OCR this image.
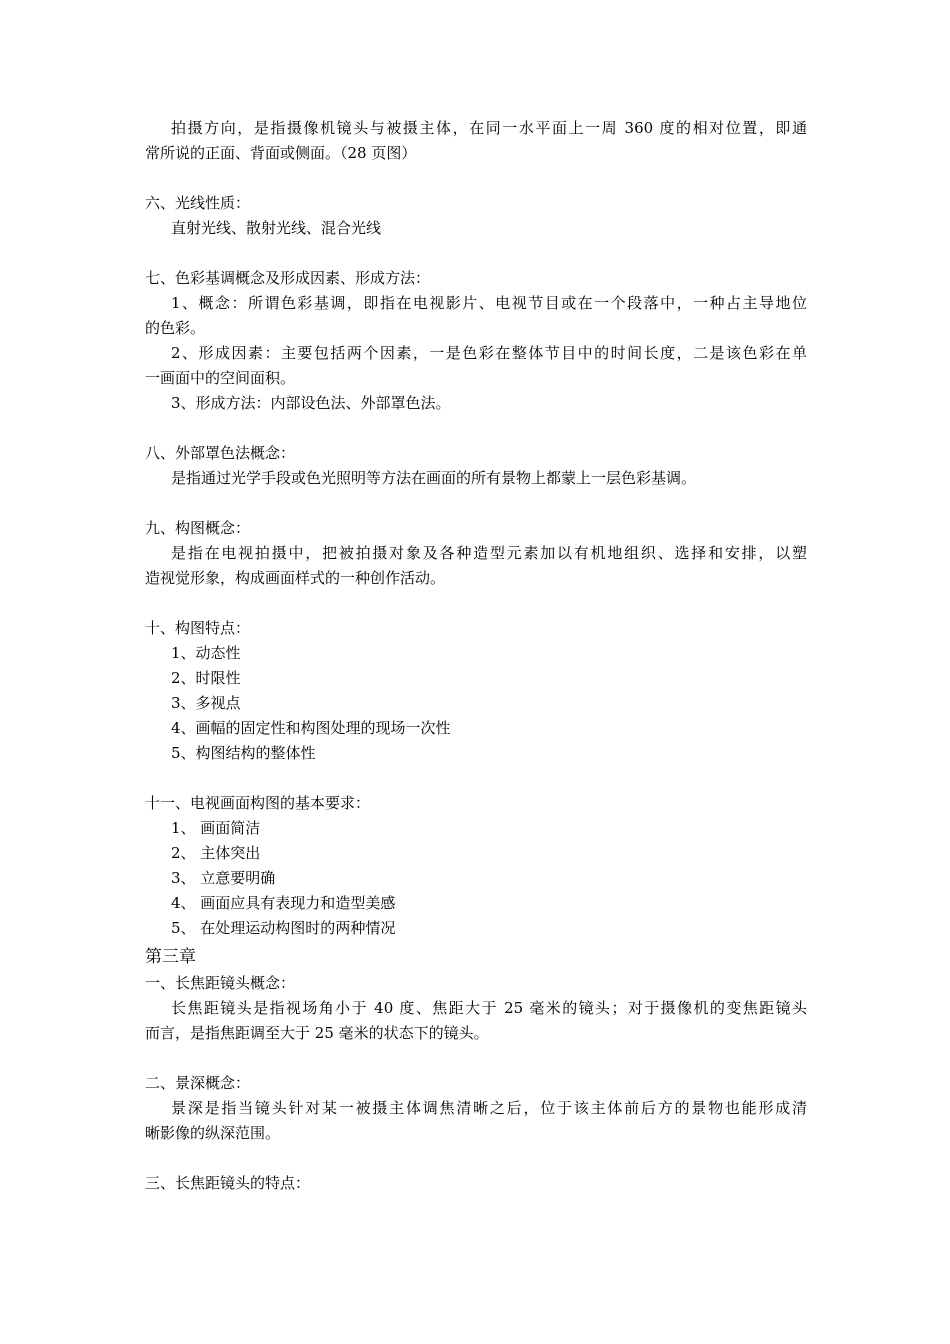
拍摄方向，是指摄像机镜头与被摄主体，在同一水平面上一周 360 度的相对位置，即通
常所说的正面、背面或侧面。（28 页图）
六、光线性质：
直射光线、散射光线、混合光线
七、色彩基调概念及形成因素、形成方法：
1、概念：所谓色彩基调，即指在电视影片、电视节目或在一个段落中，一种占主导地位
的色彩。
2、形成因素：主要包括两个因素，一是色彩在整体节目中的时间长度，二是该色彩在单
一画面中的空间面积。
3、形成方法：内部设色法、外部罩色法。
八、外部罩色法概念：
是指通过光学手段或色光照明等方法在画面的所有景物上都蒙上一层色彩基调。
九、构图概念：
是指在电视拍摄中，把被拍摄对象及各种造型元素加以有机地组织、选择和安排，以塑
造视觉形象，构成画面样式的一种创作活动。
十、构图特点：
1、动态性
2、时限性
3、多视点
4、画幅的固定性和构图处理的现场一次性
5、构图结构的整体性
十一、电视画面构图的基本要求：
1、 画面简洁
2、 主体突出
3、 立意要明确
4、 画面应具有表现力和造型美感
5、 在处理运动构图时的两种情况
第三章
一、长焦距镜头概念：
长焦距镜头是指视场角小于 40 度、焦距大于 25 毫米的镜头；对于摄像机的变焦距镜头
而言，是指焦距调至大于 25 毫米的状态下的镜头。
二、景深概念：
景深是指当镜头针对某一被摄主体调焦清晰之后，位于该主体前后方的景物也能形成清
晰影像的纵深范围。
三、长焦距镜头的特点：
